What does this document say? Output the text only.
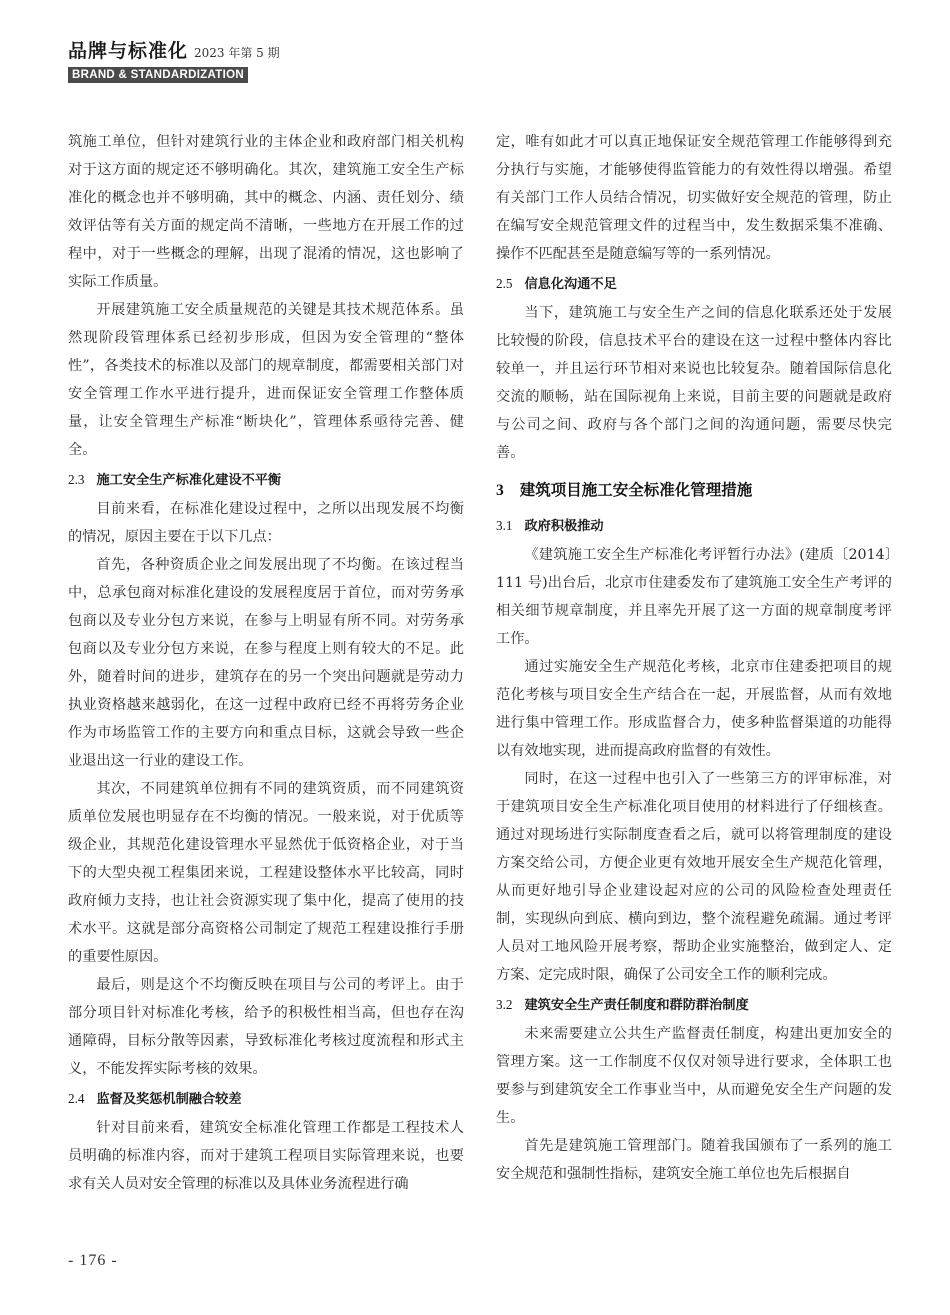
品牌与标准化 2023 年第 5 期
BRAND & STANDARDIZATION

筑施工单位，但针对建筑行业的主体企业和政府部门相关机构对于这方面的规定还不够明确化。其次，建筑施工安全生产标准化的概念也并不够明确，其中的概念、内涵、责任划分、绩效评估等有关方面的规定尚不清晰，一些地方在开展工作的过程中，对于一些概念的理解，出现了混淆的情况，这也影响了实际工作质量。

开展建筑施工安全质量规范的关键是其技术规范体系。虽然现阶段管理体系已经初步形成，但因为安全管理的“整体性”，各类技术的标准以及部门的规章制度，都需要相关部门对安全管理工作水平进行提升，进而保证安全管理工作整体质量，让安全管理生产标准“断块化”，管理体系亟待完善、健全。

2.3 施工安全生产标准化建设不平衡

目前来看，在标准化建设过程中，之所以出现发展不均衡的情况，原因主要在于以下几点：

首先，各种资质企业之间发展出现了不均衡。在该过程当中，总承包商对标准化建设的发展程度居于首位，而对劳务承包商以及专业分包方来说，在参与上明显有所不同。对劳务承包商以及专业分包方来说，在参与程度上则有较大的不足。此外，随着时间的进步，建筑存在的另一个突出问题就是劳动力执业资格越来越弱化，在这一过程中政府已经不再将劳务企业作为市场监管工作的主要方向和重点目标，这就会导致一些企业退出这一行业的建设工作。

其次，不同建筑单位拥有不同的建筑资质，而不同建筑资质单位发展也明显存在不均衡的情况。一般来说，对于优质等级企业，其规范化建设管理水平显然优于低资格企业，对于当下的大型央视工程集团来说，工程建设整体水平比较高，同时政府倾力支持，也让社会资源实现了集中化，提高了使用的技术水平。这就是部分高资格公司制定了规范工程建设推行手册的重要性原因。

最后，则是这个不均衡反映在项目与公司的考评上。由于部分项目针对标准化考核，给予的积极性相当高，但也存在沟通障碍，目标分散等因素，导致标准化考核过度流程和形式主义，不能发挥实际考核的效果。

2.4 监督及奖惩机制融合较差

针对目前来看，建筑安全标准化管理工作都是工程技术人员明确的标准内容，而对于建筑工程项目实际管理来说，也要求有关人员对安全管理的标准以及具体业务流程进行确

定，唯有如此才可以真正地保证安全规范管理工作能够得到充分执行与实施，才能够使得监管能力的有效性得以增强。希望有关部门工作人员结合情况，切实做好安全规范的管理，防止在编写安全规范管理文件的过程当中，发生数据采集不准确、操作不匹配甚至是随意编写等的一系列情况。

2.5 信息化沟通不足

当下，建筑施工与安全生产之间的信息化联系还处于发展比较慢的阶段，信息技术平台的建设在这一过程中整体内容比较单一，并且运行环节相对来说也比较复杂。随着国际信息化交流的顺畅，站在国际视角上来说，目前主要的问题就是政府与公司之间、政府与各个部门之间的沟通问题，需要尽快完善。

3 建筑项目施工安全标准化管理措施
3.1 政府积极推动

《建筑施工安全生产标准化考评暂行办法》(建质〔2014〕111 号)出台后，北京市住建委发布了建筑施工安全生产考评的相关细节规章制度，并且率先开展了这一方面的规章制度考评工作。

通过实施安全生产规范化考核，北京市住建委把项目的规范化考核与项目安全生产结合在一起，开展监督，从而有效地进行集中管理工作。形成监督合力，使多种监督渠道的功能得以有效地实现，进而提高政府监督的有效性。

同时，在这一过程中也引入了一些第三方的评审标准，对于建筑项目安全生产标准化项目使用的材料进行了仔细核查。通过对现场进行实际制度查看之后，就可以将管理制度的建设方案交给公司，方便企业更有效地开展安全生产规范化管理，从而更好地引导企业建设起对应的公司的风险检查处理责任制，实现纵向到底、横向到边，整个流程避免疏漏。通过考评人员对工地风险开展考察，帮助企业实施整治，做到定人、定方案、定完成时限，确保了公司安全工作的顺利完成。

3.2 建筑安全生产责任制度和群防群治制度

未来需要建立公共生产监督责任制度，构建出更加安全的管理方案。这一工作制度不仅仅对领导进行要求，全体职工也要参与到建筑安全工作事业当中，从而避免安全生产问题的发生。

首先是建筑施工管理部门。随着我国颁布了一系列的施工安全规范和强制性指标，建筑安全施工单位也先后根据自

- 176 -
